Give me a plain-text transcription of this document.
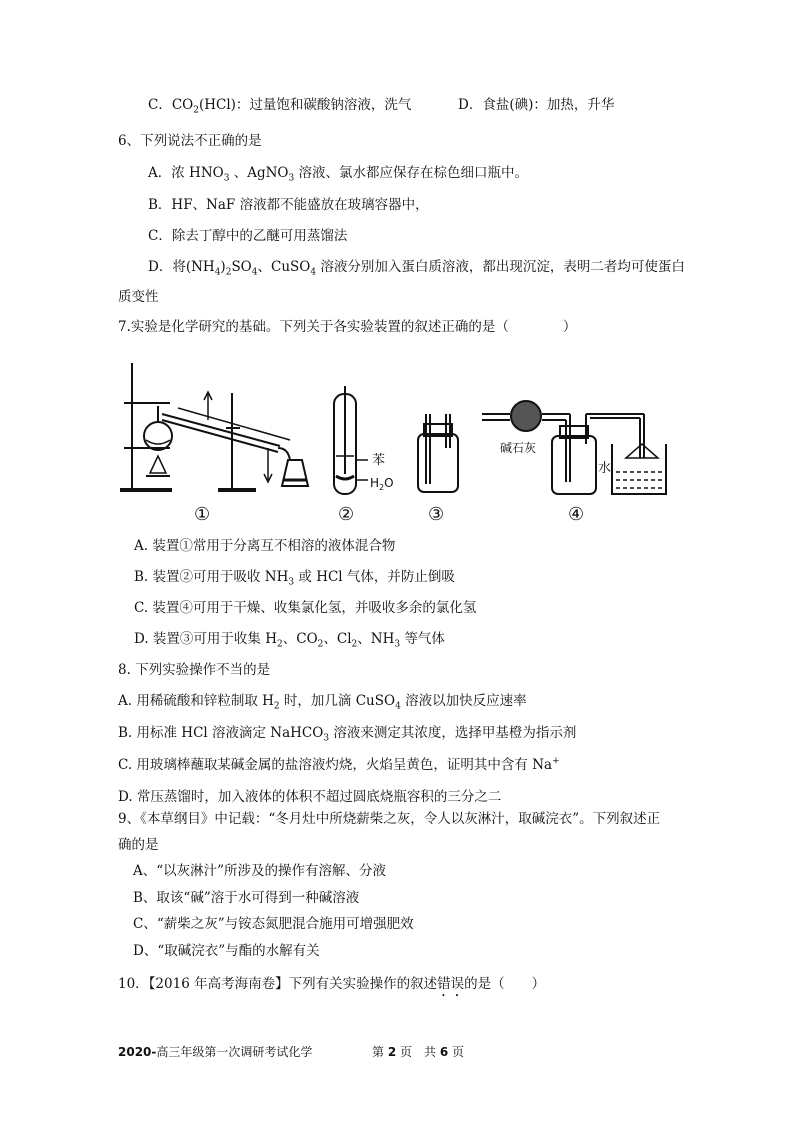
C．$CO_2(HCl)$：过量饱和碳酸钠溶液，洗气	D．食盐(碘)：加热，升华
6、下列说法不正确的是
A．浓 $HNO_3$ 、AgNO$_3$ 溶液、氯水都应保存在棕色细口瓶中。
B．HF、NaF 溶液都不能盛放在玻璃容器中，
C．除去丁醇中的乙醚可用蒸馏法
D．将$(NH_4)_2SO_4$、CuSO$_4$ 溶液分别加入蛋白质溶液，都出现沉淀，表明二者均可使蛋白
质变性
7.实验是化学研究的基础。下列关于各实验装置的叙述正确的是（　　　　）
苯
$H_2O$
碱石灰
水
①	②	③	④
A. 装置①常用于分离互不相溶的液体混合物
B. 装置②可用于吸收 $NH_3$ 或 HCl 气体，并防止倒吸
C. 装置④可用于干燥、收集氯化氢，并吸收多余的氯化氢
D. 装置③可用于收集 $H_2$、$CO_2$、$Cl_2$、$NH_3$ 等气体
8. 下列实验操作不当的是
A. 用稀硫酸和锌粒制取 $H_2$ 时，加几滴 CuSO$_4$ 溶液以加快反应速率
B. 用标准 HCl 溶液滴定 NaHCO$_3$ 溶液来测定其浓度，选择甲基橙为指示剂
C. 用玻璃棒蘸取某碱金属的盐溶液灼烧，火焰呈黄色，证明其中含有 Na+
D. 常压蒸馏时，加入液体的体积不超过圆底烧瓶容积的三分之二
9、《本草纲目》中记载：“冬月灶中所烧薪柴之灰，令人以灰淋汁，取碱浣衣”。下列叙述正
确的是
A、“以灰淋汁”所涉及的操作有溶解、分液
B、取该“碱”溶于水可得到一种碱溶液
C、“薪柴之灰”与铵态氮肥混合施用可增强肥效
D、“取碱浣衣”与酯的水解有关
10．【2016 年高考海南卷】下列有关实验操作的叙述错误的是（　　）
2020-高三年级第一次调研考试化学	第 2 页　共 6 页
